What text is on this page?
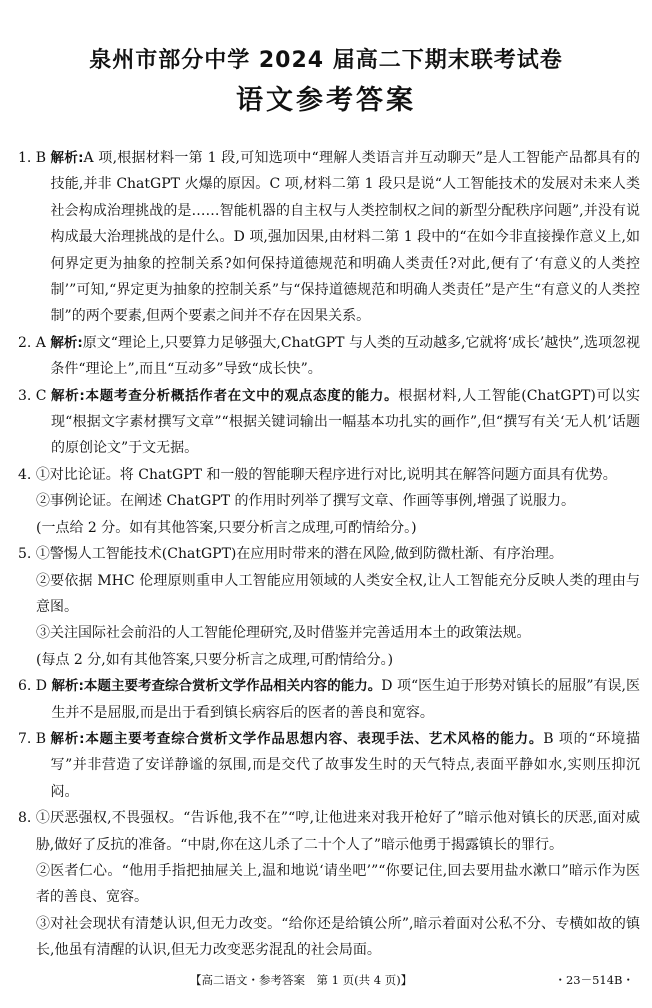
泉州市部分中学 2024 届高二下期末联考试卷
语文参考答案
1. B 解析:A 项,根据材料一第 1 段,可知选项中“理解人类语言并互动聊天”是人工智能产品都具有的技能,并非 ChatGPT 火爆的原因。C 项,材料二第 1 段只是说“人工智能技术的发展对未来人类社会构成治理挑战的是……智能机器的自主权与人类控制权之间的新型分配秩序问题”,并没有说构成最大治理挑战的是什么。D 项,强加因果,由材料二第 1 段中的“在如今非直接操作意义上,如何界定更为抽象的控制关系?如何保持道德规范和明确人类责任?对此,便有了‘有意义的人类控制’”可知,“界定更为抽象的控制关系”与“保持道德规范和明确人类责任”是产生“有意义的人类控制”的两个要素,但两个要素之间并不存在因果关系。
2. A 解析:原文“理论上,只要算力足够强大,ChatGPT 与人类的互动越多,它就将‘成长’越快”,选项忽视条件“理论上”,而且“互动多”导致“成长快”。
3. C 解析:本题考查分析概括作者在文中的观点态度的能力。根据材料,人工智能(ChatGPT)可以实现“根据文字素材撰写文章”“根据关键词输出一幅基本功扎实的画作”,但“撰写有关‘无人机’话题的原创论文”于文无据。
4. ①对比论证。将 ChatGPT 和一般的智能聊天程序进行对比,说明其在解答问题方面具有优势。
②事例论证。在阐述 ChatGPT 的作用时列举了撰写文章、作画等事例,增强了说服力。
(一点给 2 分。如有其他答案,只要分析言之成理,可酌情给分。)
5. ①警惕人工智能技术(ChatGPT)在应用时带来的潜在风险,做到防微杜渐、有序治理。
②要依据 MHC 伦理原则重申人工智能应用领域的人类安全权,让人工智能充分反映人类的理由与意图。
③关注国际社会前沿的人工智能伦理研究,及时借鉴并完善适用本土的政策法规。
(每点 2 分,如有其他答案,只要分析言之成理,可酌情给分。)
6. D 解析:本题主要考查综合赏析文学作品相关内容的能力。D 项“医生迫于形势对镇长的屈服”有误,医生并不是屈服,而是出于看到镇长病容后的医者的善良和宽容。
7. B 解析:本题主要考查综合赏析文学作品思想内容、表现手法、艺术风格的能力。B 项的“环境描写”并非营造了安详静谧的氛围,而是交代了故事发生时的天气特点,表面平静如水,实则压抑沉闷。
8. ①厌恶强权,不畏强权。“告诉他,我不在”“哼,让他进来对我开枪好了”暗示他对镇长的厌恶,面对威胁,做好了反抗的准备。“中尉,你在这儿杀了二十个人了”暗示他勇于揭露镇长的罪行。
②医者仁心。“他用手指把抽屉关上,温和地说‘请坐吧’”“你要记住,回去要用盐水漱口”暗示作为医者的善良、宽容。
③对社会现状有清楚认识,但无力改变。“给你还是给镇公所”,暗示着面对公私不分、专横如故的镇长,他虽有清醒的认识,但无力改变恶劣混乱的社会局面。
【高二语文・参考答案　第 1 页(共 4 页)】	・23－514B・
